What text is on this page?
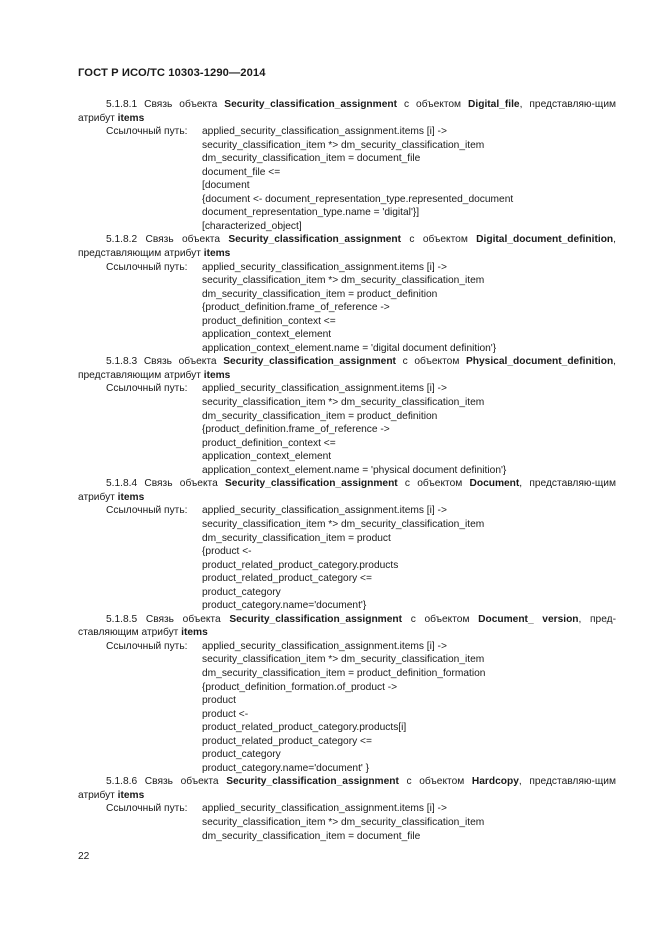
ГОСТ Р ИСО/ТС 10303-1290—2014

5.1.8.1 Связь объекта Security_classification_assignment с объектом Digital_file, представляю-щим атрибут items

Ссылочный путь: applied_security_classification_assignment.items [i] ->
security_classification_item *> dm_security_classification_item
dm_security_classification_item = document_file
document_file <=
[document
{document <- document_representation_type.represented_document
document_representation_type.name = 'digital'}]
[characterized_object]

5.1.8.2 Связь объекта Security_classification_assignment с объектом Digital_document_definition, представляющим атрибут items

Ссылочный путь: applied_security_classification_assignment.items [i] ->
security_classification_item *> dm_security_classification_item
dm_security_classification_item = product_definition
{product_definition.frame_of_reference ->
product_definition_context <=
application_context_element
application_context_element.name = 'digital document definition'}

5.1.8.3 Связь объекта Security_classification_assignment с объектом Physical_document_definition, представляющим атрибут items

Ссылочный путь: applied_security_classification_assignment.items [i] ->
security_classification_item *> dm_security_classification_item
dm_security_classification_item = product_definition
{product_definition.frame_of_reference ->
product_definition_context <=
application_context_element
application_context_element.name = 'physical document definition'}

5.1.8.4 Связь объекта Security_classification_assignment с объектом Document, представляю-щим атрибут items

Ссылочный путь: applied_security_classification_assignment.items [i] ->
security_classification_item *> dm_security_classification_item
dm_security_classification_item = product
{product <-
product_related_product_category.products
product_related_product_category <=
product_category
product_category.name='document'}

5.1.8.5 Связь объекта Security_classification_assignment с объектом Document_ version, пред-ставляющим атрибут items

Ссылочный путь: applied_security_classification_assignment.items [i] ->
security_classification_item *> dm_security_classification_item
dm_security_classification_item = product_definition_formation
{product_definition_formation.of_product ->
product
product <-
product_related_product_category.products[i]
product_related_product_category <=
product_category
product_category.name='document' }

5.1.8.6 Связь объекта Security_classification_assignment с объектом Hardcopy, представляю-щим атрибут items

Ссылочный путь: applied_security_classification_assignment.items [i] ->
security_classification_item *> dm_security_classification_item
dm_security_classification_item = document_file
22
